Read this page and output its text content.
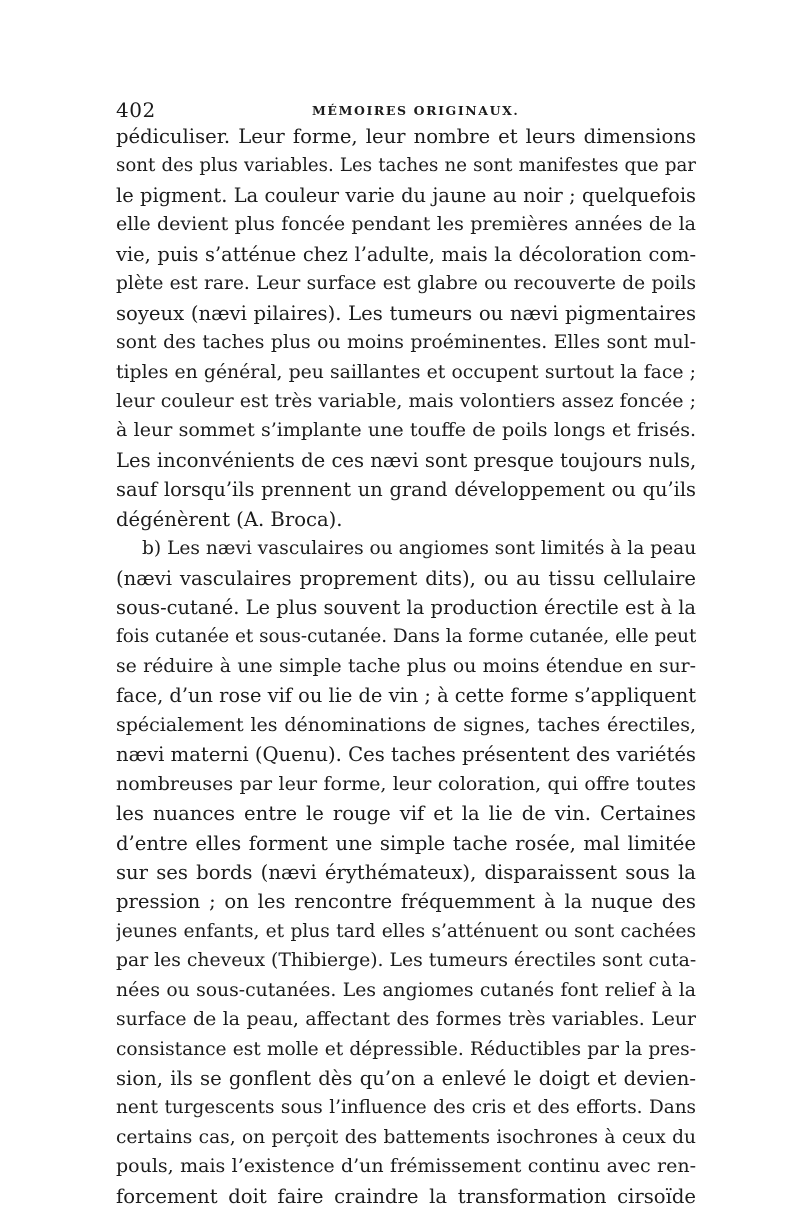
402	MÉMOIRES ORIGINAUX.
pédiculiser. Leur forme, leur nombre et leurs dimensions
sont des plus variables. Les taches ne sont manifestes que par
le pigment. La couleur varie du jaune au noir ; quelquefois
elle devient plus foncée pendant les premières années de la
vie, puis s’atténue chez l’adulte, mais la décoloration com-
plète est rare. Leur surface est glabre ou recouverte de poils
soyeux (nævi pilaires). Les tumeurs ou nævi pigmentaires
sont des taches plus ou moins proéminentes. Elles sont mul-
tiples en général, peu saillantes et occupent surtout la face ;
leur couleur est très variable, mais volontiers assez foncée ;
à leur sommet s’implante une touffe de poils longs et frisés.
Les inconvénients de ces nævi sont presque toujours nuls,
sauf lorsqu’ils prennent un grand développement ou qu’ils
dégénèrent (A. Broca).
b) Les nævi vasculaires ou angiomes sont limités à la peau
(nævi vasculaires proprement dits), ou au tissu cellulaire
sous-cutané. Le plus souvent la production érectile est à la
fois cutanée et sous-cutanée. Dans la forme cutanée, elle peut
se réduire à une simple tache plus ou moins étendue en sur-
face, d’un rose vif ou lie de vin ; à cette forme s’appliquent
spécialement les dénominations de signes, taches érectiles,
nævi materni (Quenu). Ces taches présentent des variétés
nombreuses par leur forme, leur coloration, qui offre toutes
les nuances entre le rouge vif et la lie de vin. Certaines
d’entre elles forment une simple tache rosée, mal limitée
sur ses bords (nævi érythémateux), disparaissent sous la
pression ; on les rencontre fréquemment à la nuque des
jeunes enfants, et plus tard elles s’atténuent ou sont cachées
par les cheveux (Thibierge). Les tumeurs érectiles sont cuta-
nées ou sous-cutanées. Les angiomes cutanés font relief à la
surface de la peau, affectant des formes très variables. Leur
consistance est molle et dépressible. Réductibles par la pres-
sion, ils se gonflent dès qu’on a enlevé le doigt et devien-
nent turgescents sous l’influence des cris et des efforts. Dans
certains cas, on perçoit des battements isochrones à ceux du
pouls, mais l’existence d’un frémissement continu avec ren-
forcement doit faire craindre la transformation cirsoïde
